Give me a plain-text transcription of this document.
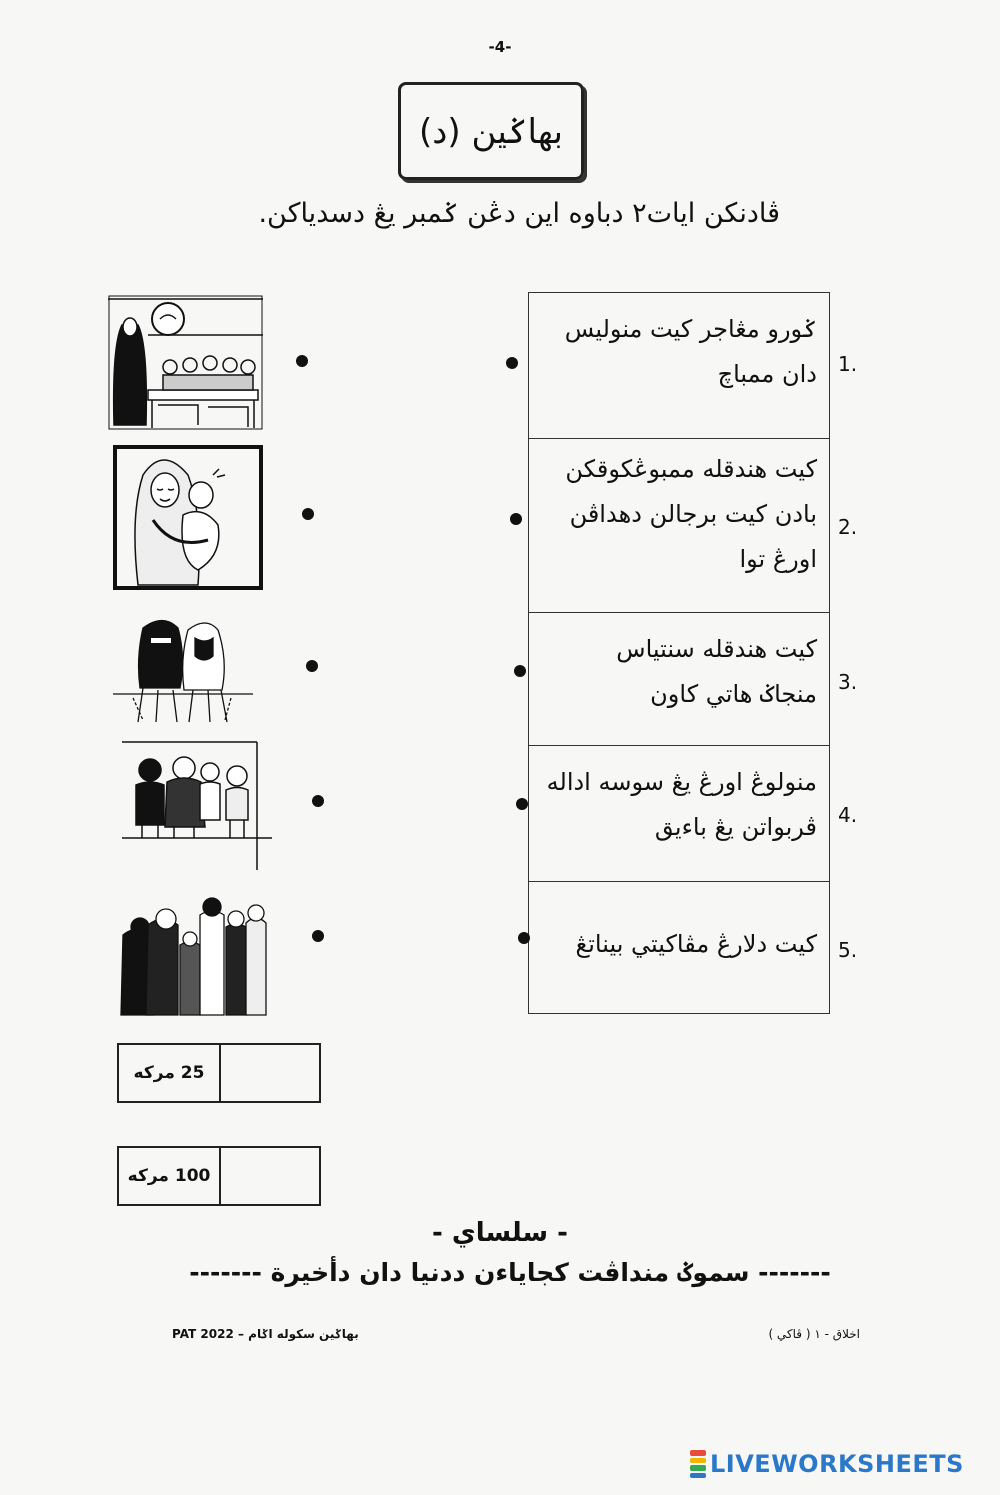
-4-
بهاݢين (د)
ڤادنكن ايات٢ دباوه اين دڠن ݢمبر يڠ دسدياكن.
ݢورو مڠاجر كيت منوليس
دان ممباچ
كيت هندقله ممبوڠكوقكن
بادن كيت برجالن دهداڤن
اورڠ توا
كيت هندقله سنتياس
منجاݢ هاتي كاون
منولوڠ اورڠ يڠ سوسه اداله
ڤربواتن يڠ باءيق
كيت دلارڠ مڤاكيتي بيناتڠ
1.
2.
3.
4.
5.
25 مركه
100 مركه
- سلساي -
------- سموݢ منداڤت كجاياءن ددنيا دان دأخيرة -------
بهاݢين سكوله اݢام – PAT 2022	اخلاق - ١ ( ڤاكي )
LIVEWORKSHEETS
